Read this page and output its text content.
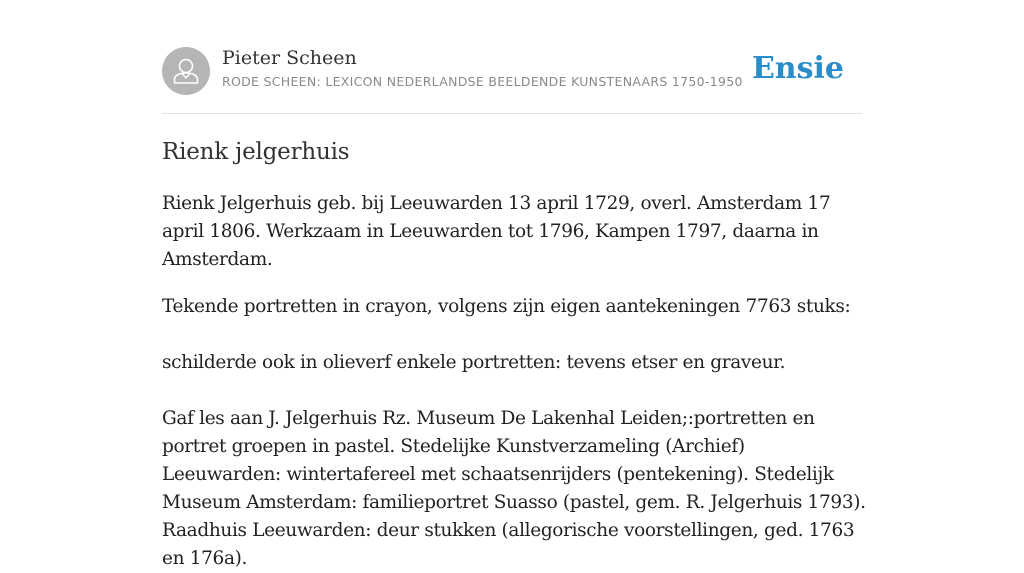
Pieter Scheen
RODE SCHEEN: LEXICON NEDERLANDSE BEELDENDE KUNSTENAARS 1750-1950 Ensie
Rienk jelgerhuis

Rienk Jelgerhuis geb. bij Leeuwarden 13 april 1729, overl. Amsterdam 17 april 1806. Werkzaam in Leeuwarden tot 1796, Kampen 1797, daarna in Amsterdam.

Tekende portretten in crayon, volgens zijn eigen aantekeningen 7763 stuks:

schilderde ook in olieverf enkele portretten: tevens etser en graveur.

Gaf les aan J. Jelgerhuis Rz. Museum De Lakenhal Leiden;:portretten en portret groepen in pastel. Stedelijke Kunstverzameling (Archief) Leeuwarden: wintertafereel met schaatsenrijders (pentekening). Stedelijk Museum Amsterdam: familieportret Suasso (pastel, gem. R. Jelgerhuis 1793). Raadhuis Leeuwarden: deur stukken (allegorische voorstellingen, ged. 1763 en 176a).
